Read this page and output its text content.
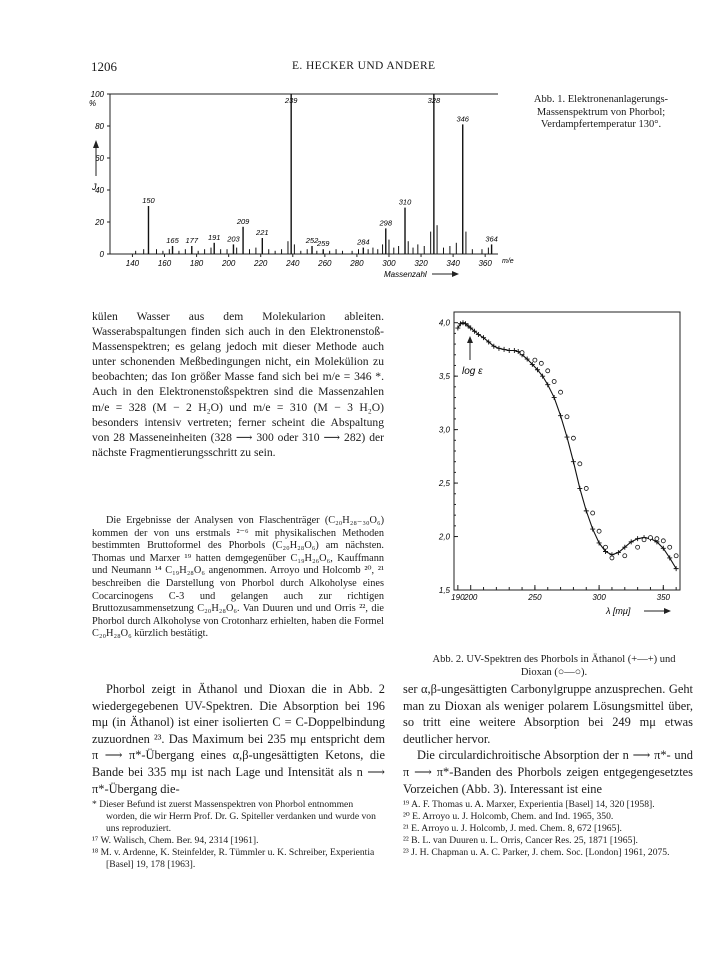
1206	E. HECKER UND ANDERE
0
20
40
60
80
100
%
J
140 160 180 200 220 240 260 280 300 320 340 360 m/e
Massenzahl
150
165 177 191 203
209
221
239
252
259	284
298
310
328
346
364
Abb. 1. Elektronenanlagerungs-Massenspektrum von Phorbol; Verdampfertemperatur 130°.
1,5
2,0
2,5
3,0
3,5
4,0
log ε
190 200	250	300	350
λ [mμ]
Abb. 2. UV-Spektren des Phorbols in Äthanol (+—+) und Dioxan (○—○).

külen Wasser aus dem Molekularion ableiten. Wasserabspaltungen finden sich auch in den Elektronenstoß-Massenspektren; es gelang jedoch mit dieser Methode auch unter schonenden Meßbedingungen nicht, ein Molekülion zu beobachten; das Ion größer Masse fand sich bei m/e = 346 *. Auch in den Elektronenstoßspektren sind die Massenzahlen m/e = 328 (M − 2 H₂O) und m/e = 310 (M − 3 H₂O) besonders intensiv vertreten; ferner scheint die Abspaltung von 28 Masseneinheiten (328 ⟶ 300 oder 310 ⟶ 282) der nächste Fragmentierungsschritt zu sein.

Die Ergebnisse der Analysen von Flaschenträger (C₂₀H₂₈₋₃₀O₆) kommen der von uns erstmals ²⁻⁶ mit physikalischen Methoden bestimmten Bruttoformel des Phorbols (C₂₀H₂₈O₆) am nächsten. Thomas und Marxer ¹⁹ hatten demgegenüber C₁₉H₂₆O₆, Kauffmann und Neumann ¹⁴ C₁₉H₂₈O₆ angenommen. Arroyo und Holcomb ²⁰, ²¹ beschreiben die Darstellung von Phorbol durch Alkoholyse eines Cocarcinogens C-3 und gelangen auch zur richtigen Bruttozusammensetzung C₂₀H₂₈O₆. Van Duuren und und Orris ²², die Phorbol durch Alkoholyse von Crotonharz erhielten, haben die Formel C₂₀H₂₈O₆ kürzlich bestätigt.

Phorbol zeigt in Äthanol und Dioxan die in Abb. 2 wiedergegebenen UV-Spektren. Die Absorption bei 196 mμ (in Äthanol) ist einer isolierten C = C-Doppelbindung zuzuordnen ²³. Das Maximum bei 235 mμ entspricht dem π ⟶ π*-Übergang eines α,β-ungesättigten Ketons, die Bande bei 335 mμ ist nach Lage und Intensität als n ⟶ π*-Übergang die-

ser α,β-ungesättigten Carbonylgruppe anzusprechen. Geht man zu Dioxan als weniger polarem Lösungsmittel über, so tritt eine weitere Absorption bei 249 mμ etwas deutlicher hervor.

Die circulardichroitische Absorption der n ⟶ π*- und π ⟶ π*-Banden des Phorbols zeigen entgegengesetztes Vorzeichen (Abb. 3). Interessant ist eine

* Dieser Befund ist zuerst Massenspektren von Phorbol entnommen worden, die wir Herrn Prof. Dr. G. Spiteller verdanken und wurde von uns reproduziert.
¹⁷ W. Walisch, Chem. Ber. 94, 2314 [1961].
¹⁸ M. v. Ardenne, K. Steinfelder, R. Tümmler u. K. Schreiber, Experientia [Basel] 19, 178 [1963].
¹⁹ A. F. Thomas u. A. Marxer, Experientia [Basel] 14, 320 [1958].
²⁰ E. Arroyo u. J. Holcomb, Chem. and Ind. 1965, 350.
²¹ E. Arroyo u. J. Holcomb, J. med. Chem. 8, 672 [1965].
²² B. L. van Duuren u. L. Orris, Cancer Res. 25, 1871 [1965].
²³ J. H. Chapman u. A. C. Parker, J. chem. Soc. [London] 1961, 2075.
